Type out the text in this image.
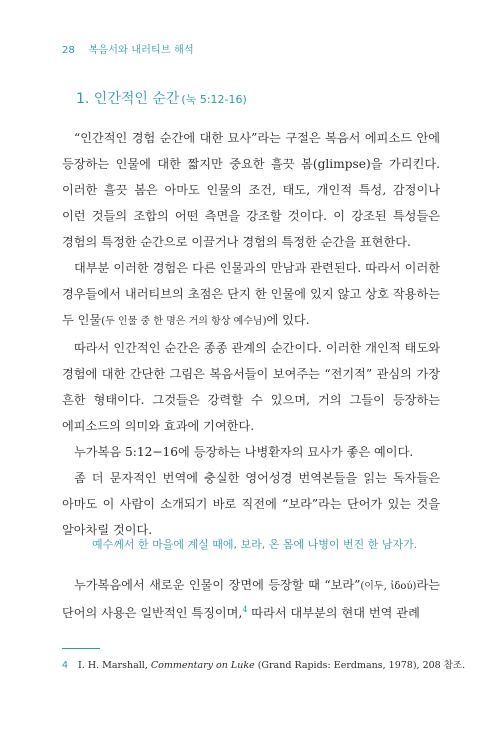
28 복음서와 내러티브 해석
1. 인간적인 순간 (눅 5:12-16)

“인간적인 경험 순간에 대한 묘사”라는 구절은 복음서 에피소드 안에 등장하는 인물에 대한 짧지만 중요한 흘끗 봄(glimpse)을 가리킨다. 이러한 흘끗 봄은 아마도 인물의 조건, 태도, 개인적 특성, 감정이나 이런 것들의 조합의 어떤 측면을 강조할 것이다. 이 강조된 특성들은 경험의 특정한 순간으로 이끌거나 경험의 특정한 순간을 표현한다.

대부분 이러한 경험은 다른 인물과의 만남과 관련된다. 따라서 이러한 경우들에서 내러티브의 초점은 단지 한 인물에 있지 않고 상호 작용하는 두 인물(두 인물 중 한 명은 거의 항상 예수님)에 있다.

따라서 인간적인 순간은 종종 관계의 순간이다. 이러한 개인적 태도와 경험에 대한 간단한 그림은 복음서들이 보여주는 “전기적” 관심의 가장 흔한 형태이다. 그것들은 강력할 수 있으며, 거의 그들이 등장하는 에피소드의 의미와 효과에 기여한다.

누가복음 5:12−16에 등장하는 나병환자의 묘사가 좋은 예이다.

좀 더 문자적인 번역에 충실한 영어성경 번역본들을 읽는 독자들은 아마도 이 사람이 소개되기 바로 직전에 “보라”라는 단어가 있는 것을 알아차릴 것이다.

예수께서 한 마을에 계실 때에, 보라, 온 몸에 나병이 번진 한 남자가.

누가복음에서 새로운 인물이 장면에 등장할 때 “보라”(이두, ἰδού)라는 단어의 사용은 일반적인 특징이며,$^4$ 따라서 대부분의 현대 번역 관례

4 I. H. Marshall, Commentary on Luke (Grand Rapids: Eerdmans, 1978), 208 참조.
